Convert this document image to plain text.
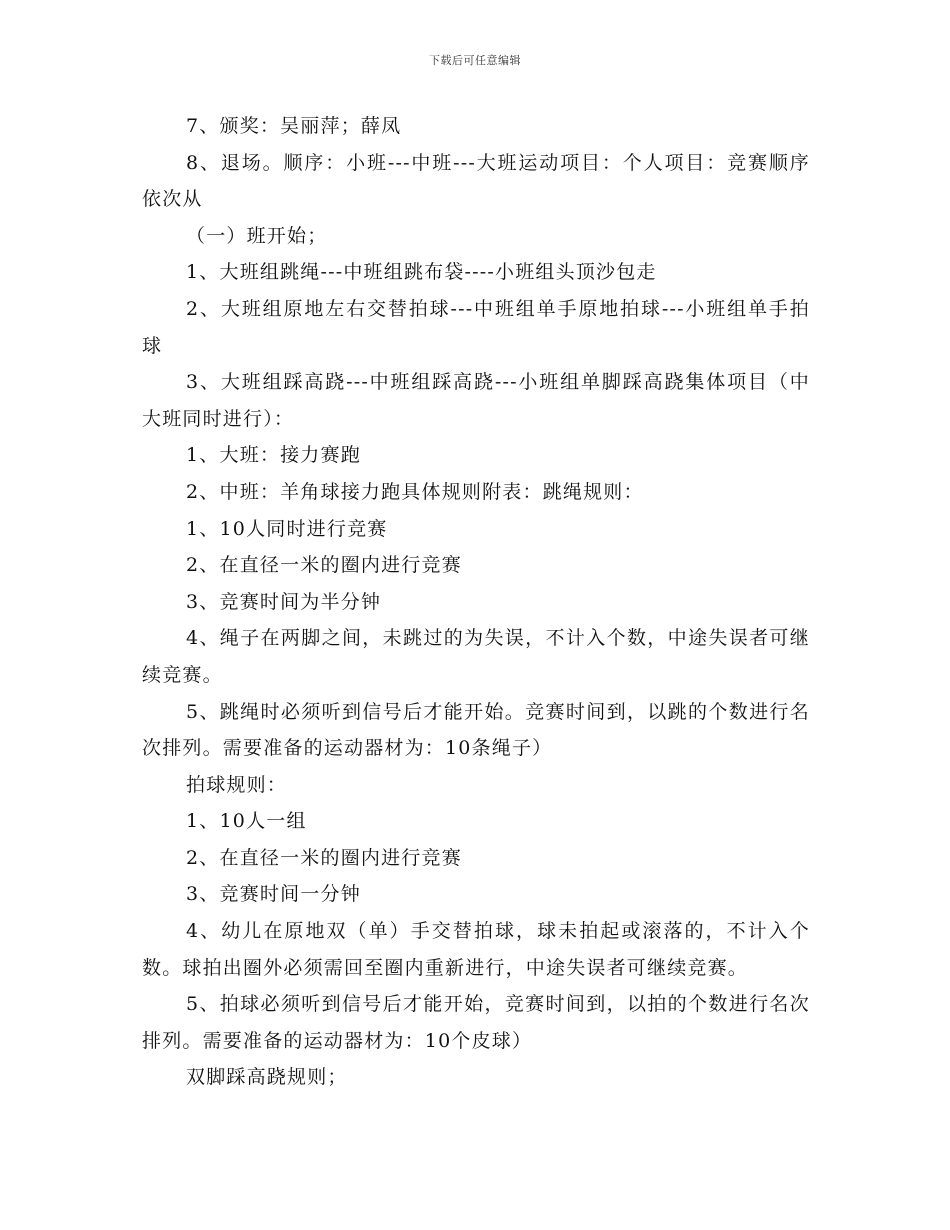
下载后可任意编辑

7、颁奖：吴丽萍；薛凤

8、退场。顺序：小班---中班---大班运动项目：个人项目：竞赛顺序依次从

（一）班开始；

1、大班组跳绳---中班组跳布袋----小班组头顶沙包走

2、大班组原地左右交替拍球---中班组单手原地拍球---小班组单手拍球

3、大班组踩高跷---中班组踩高跷---小班组单脚踩高跷集体项目（中大班同时进行）：

1、大班：接力赛跑

2、中班：羊角球接力跑具体规则附表：跳绳规则：

1、10人同时进行竞赛

2、在直径一米的圈内进行竞赛

3、竞赛时间为半分钟

4、绳子在两脚之间，未跳过的为失误，不计入个数，中途失误者可继续竞赛。

5、跳绳时必须听到信号后才能开始。竞赛时间到，以跳的个数进行名次排列。需要准备的运动器材为：10条绳子）

拍球规则：

1、10人一组

2、在直径一米的圈内进行竞赛

3、竞赛时间一分钟

4、幼儿在原地双（单）手交替拍球，球未拍起或滚落的，不计入个数。球拍出圈外必须需回至圈内重新进行，中途失误者可继续竞赛。

5、拍球必须听到信号后才能开始，竞赛时间到，以拍的个数进行名次排列。需要准备的运动器材为：10个皮球）

双脚踩高跷规则；
